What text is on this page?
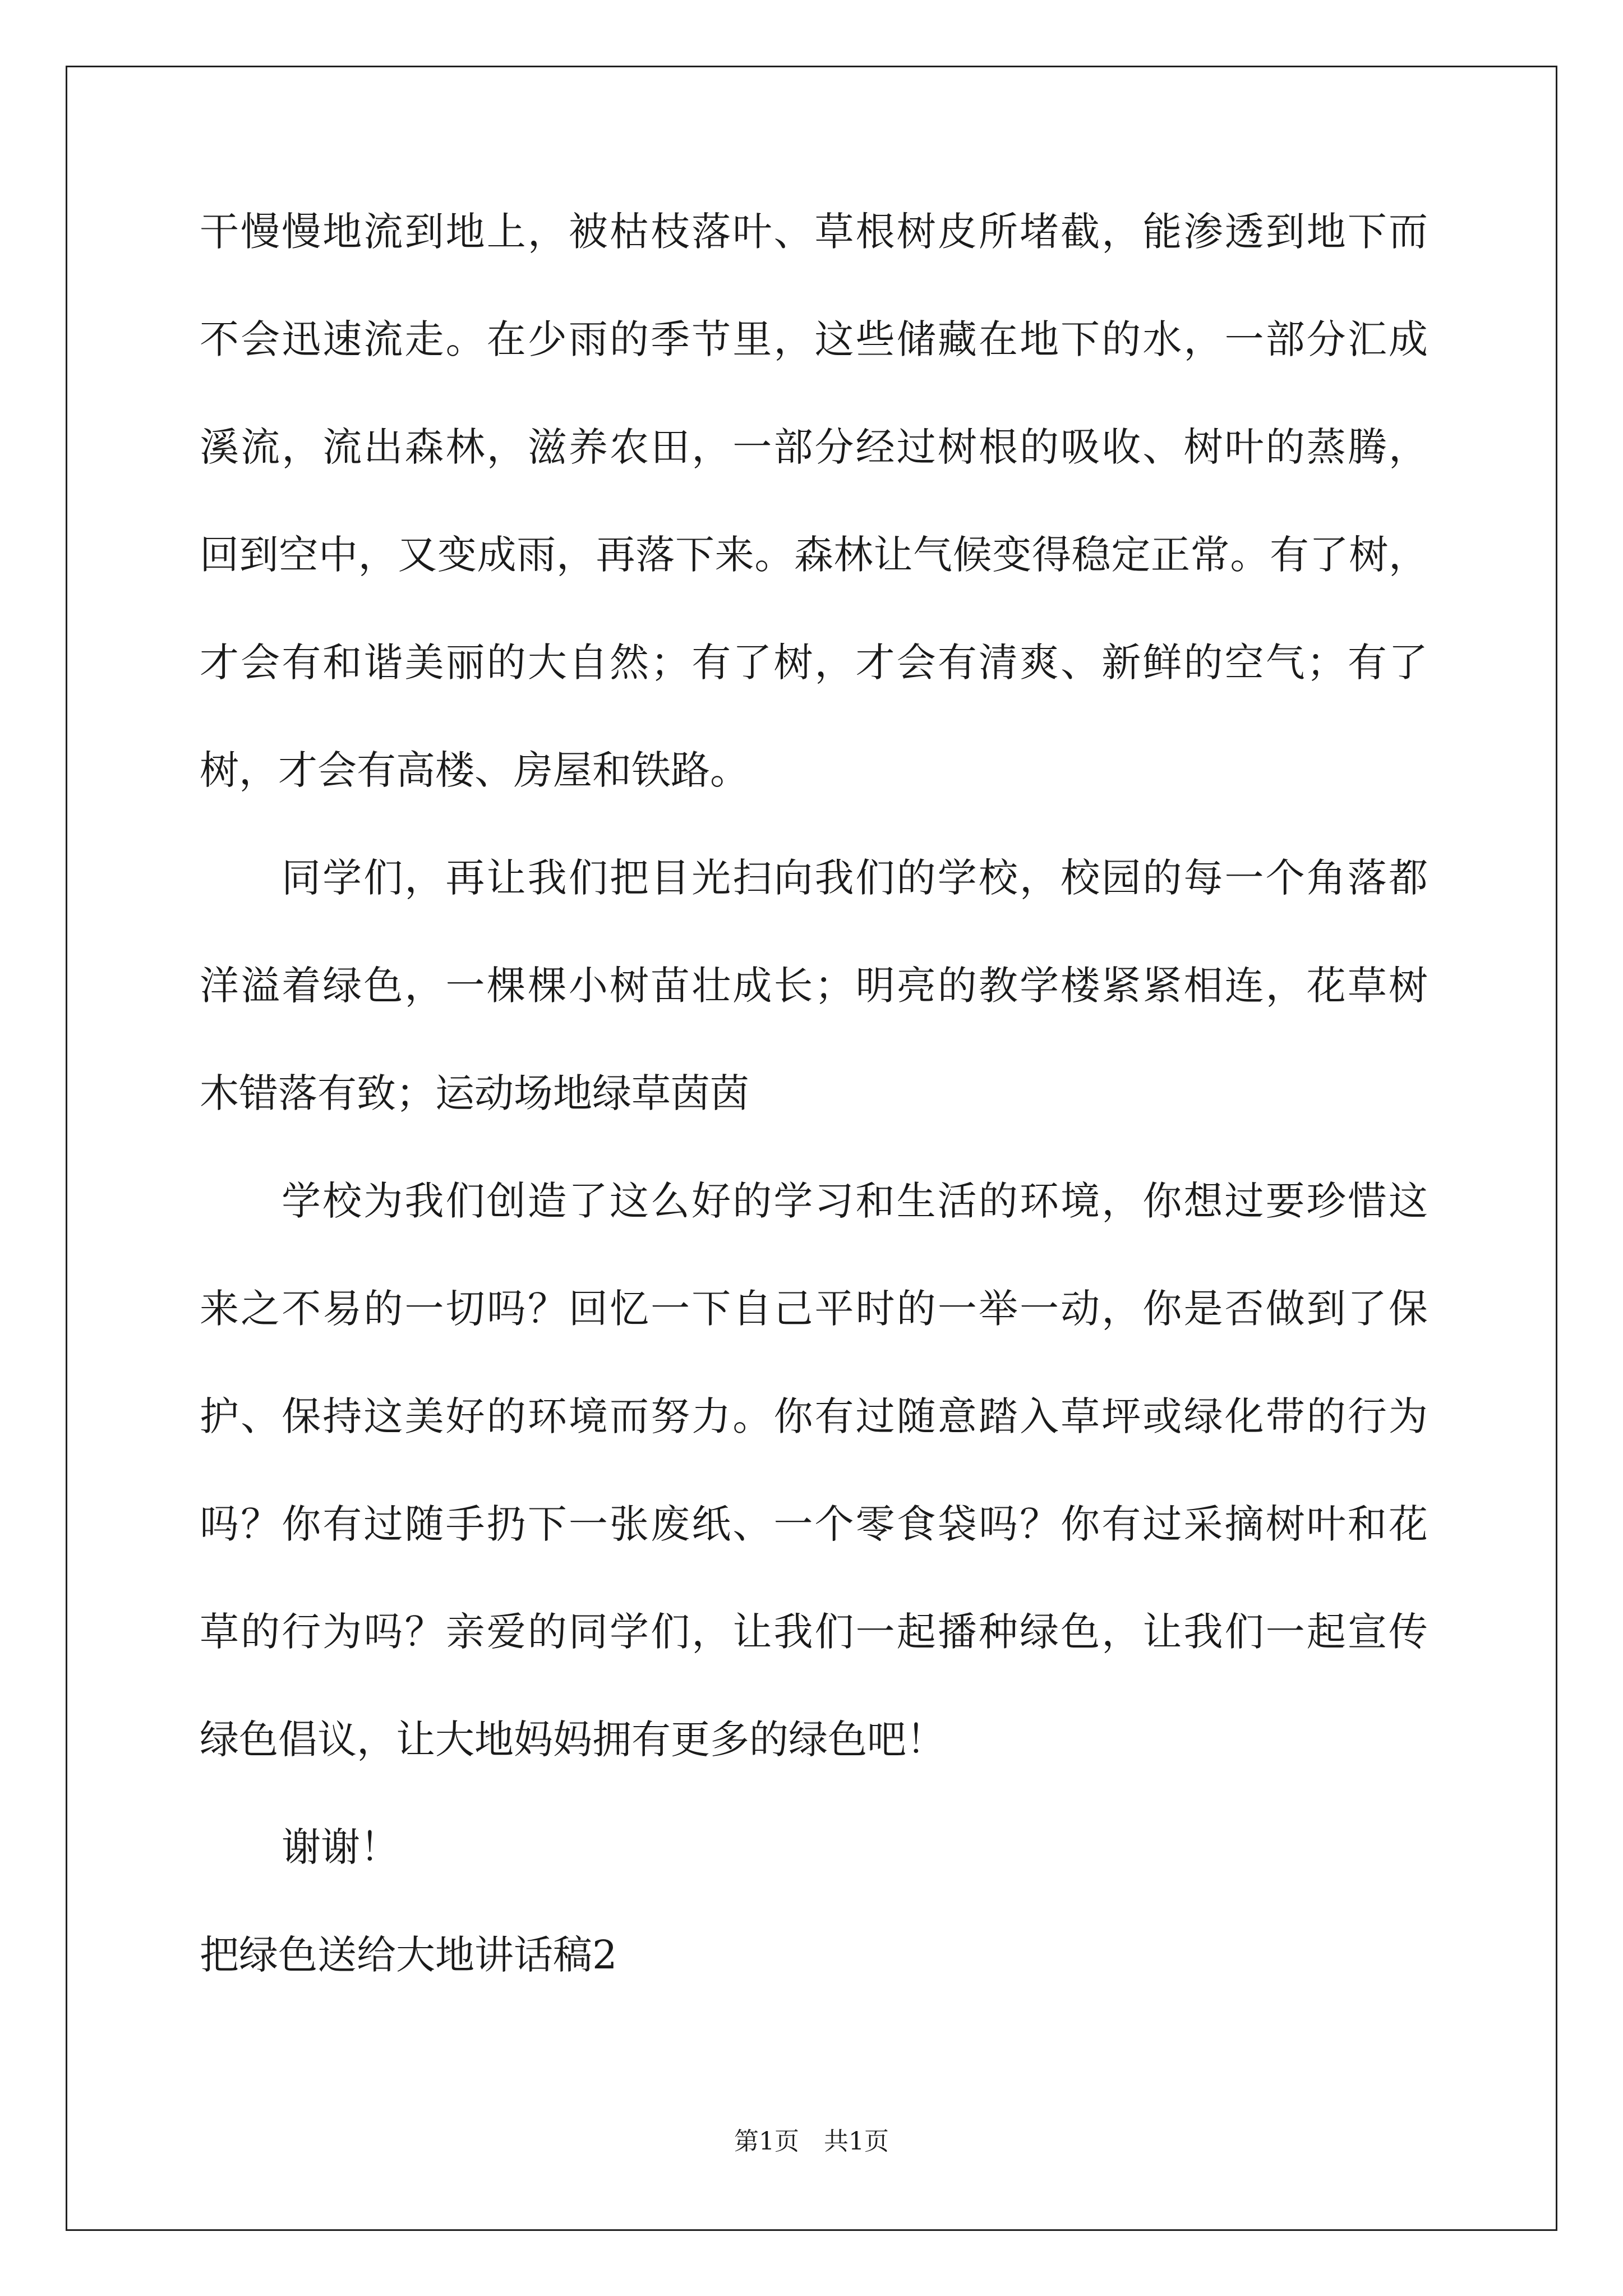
干慢慢地流到地上，被枯枝落叶、草根树皮所堵截，能渗透到地下而
不会迅速流走。在少雨的季节里，这些储藏在地下的水，一部分汇成
溪流，流出森林，滋养农田，一部分经过树根的吸收、树叶的蒸腾，
回到空中，又变成雨，再落下来。森林让气候变得稳定正常。有了树，
才会有和谐美丽的大自然；有了树，才会有清爽、新鲜的空气；有了
树，才会有高楼、房屋和铁路。
同学们，再让我们把目光扫向我们的学校，校园的每一个角落都
洋溢着绿色，一棵棵小树苗壮成长；明亮的教学楼紧紧相连，花草树
木错落有致；运动场地绿草茵茵
学校为我们创造了这么好的学习和生活的环境，你想过要珍惜这
来之不易的一切吗？回忆一下自己平时的一举一动，你是否做到了保
护、保持这美好的环境而努力。你有过随意踏入草坪或绿化带的行为
吗？你有过随手扔下一张废纸、一个零食袋吗？你有过采摘树叶和花
草的行为吗？亲爱的同学们，让我们一起播种绿色，让我们一起宣传
绿色倡议，让大地妈妈拥有更多的绿色吧！
谢谢！
把绿色送给大地讲话稿2
第1页　共1页
